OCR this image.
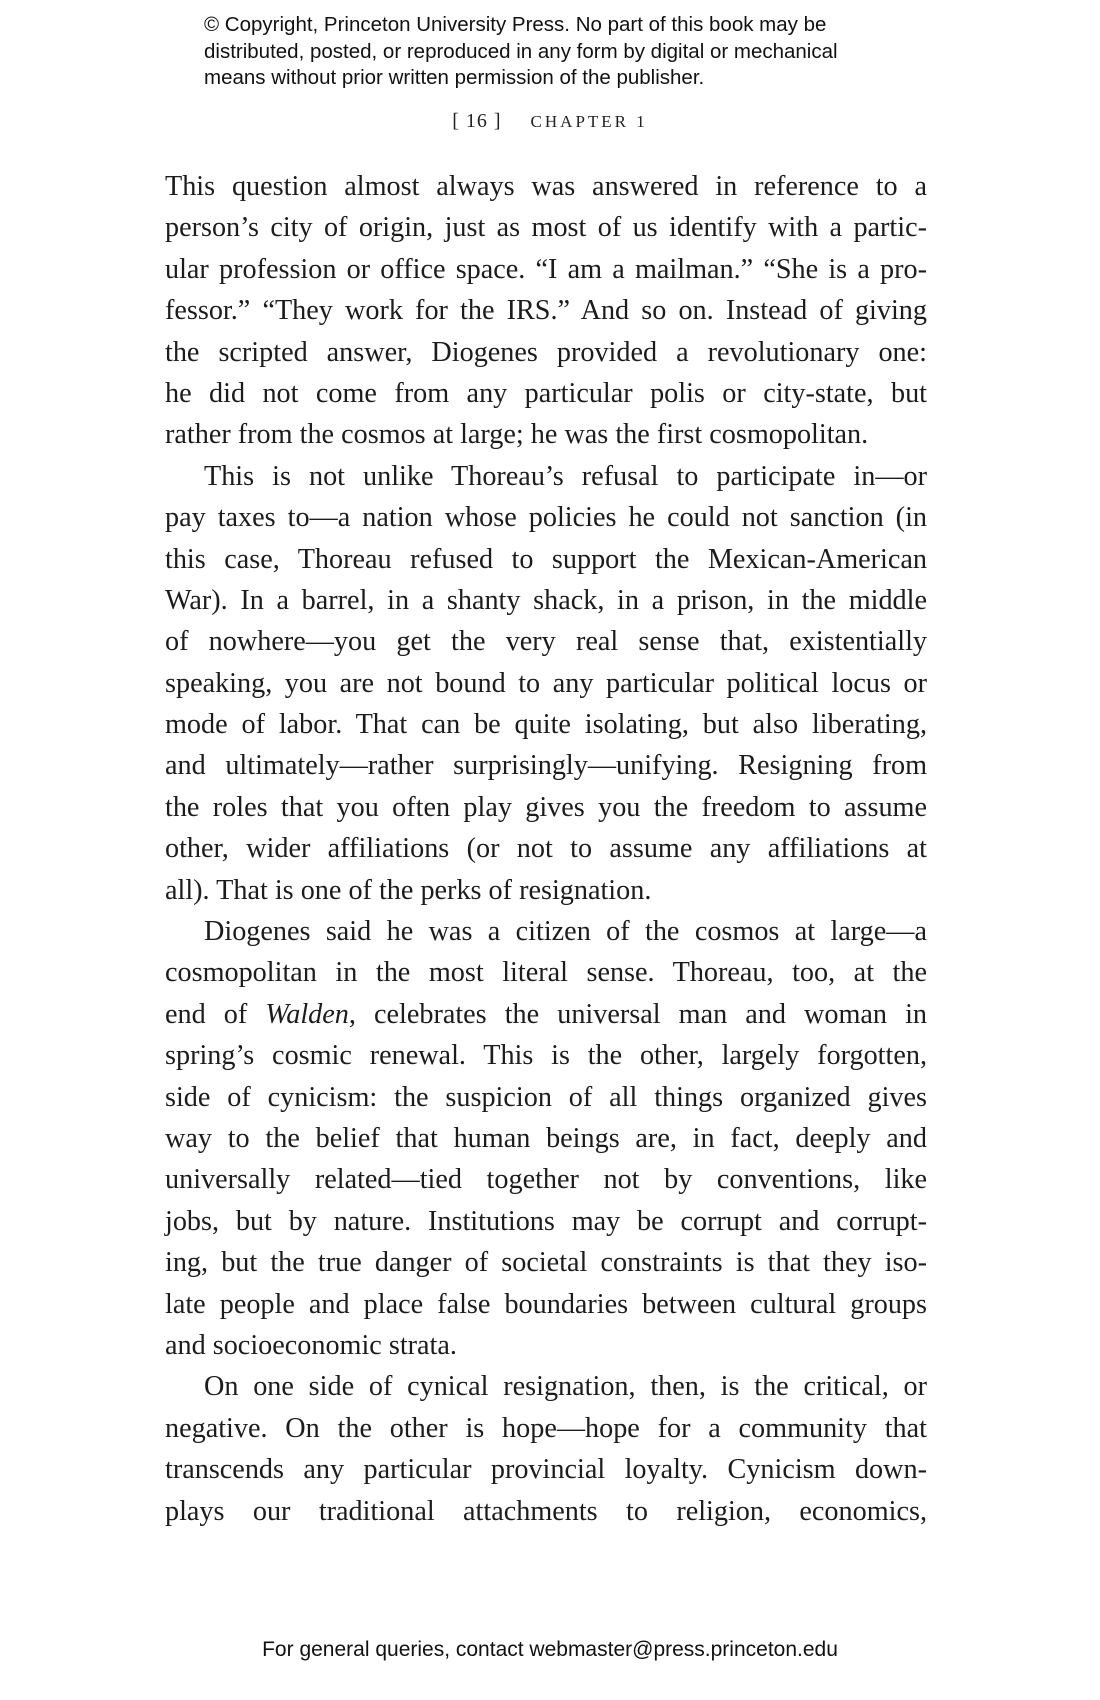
© Copyright, Princeton University Press. No part of this book may be
distributed, posted, or reproduced in any form by digital or mechanical
means without prior written permission of the publisher.
[ 16 ] CHAPTER 1
This question almost always was answered in reference to a
person’s city of origin, just as most of us identify with a partic-
ular profession or office space. “I am a mailman.” “She is a pro-
fessor.” “They work for the IRS.” And so on. Instead of giving
the scripted answer, Diogenes provided a revolutionary one:
he did not come from any particular polis or city-state, but
rather from the cosmos at large; he was the first cosmopolitan.
This is not unlike Thoreau’s refusal to participate in—or
pay taxes to—a nation whose policies he could not sanction (in
this case, Thoreau refused to support the Mexican-American
War). In a barrel, in a shanty shack, in a prison, in the middle
of nowhere—you get the very real sense that, existentially
speaking, you are not bound to any particular political locus or
mode of labor. That can be quite isolating, but also liberating,
and ultimately—rather surprisingly—unifying. Resigning from
the roles that you often play gives you the freedom to assume
other, wider affiliations (or not to assume any affiliations at
all). That is one of the perks of resignation.
Diogenes said he was a citizen of the cosmos at large—a
cosmopolitan in the most literal sense. Thoreau, too, at the
end of Walden, celebrates the universal man and woman in
spring’s cosmic renewal. This is the other, largely forgotten,
side of cynicism: the suspicion of all things organized gives
way to the belief that human beings are, in fact, deeply and
universally related—tied together not by conventions, like
jobs, but by nature. Institutions may be corrupt and corrupt-
ing, but the true danger of societal constraints is that they iso-
late people and place false boundaries between cultural groups
and socioeconomic strata.
On one side of cynical resignation, then, is the critical, or
negative. On the other is hope—hope for a community that
transcends any particular provincial loyalty. Cynicism down-
plays our traditional attachments to religion, economics,
For general queries, contact webmaster@press.princeton.edu
